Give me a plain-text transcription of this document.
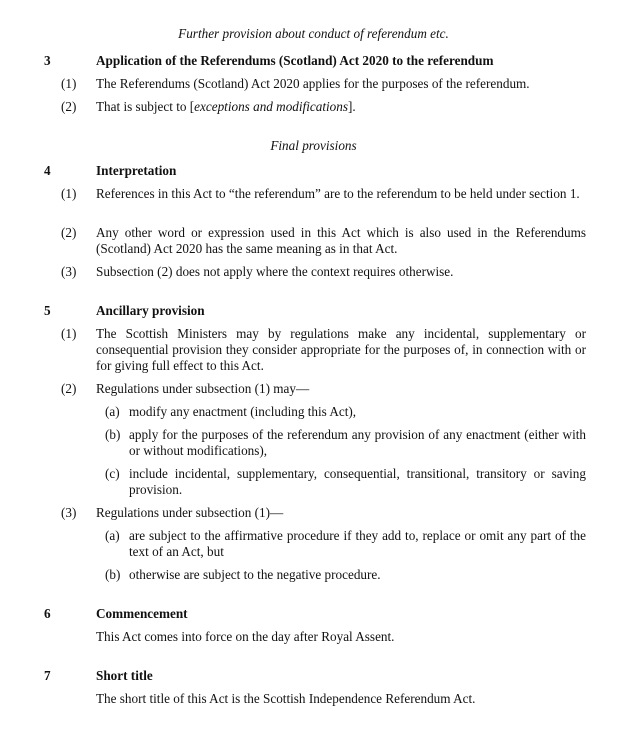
Further provision about conduct of referendum etc.
3	Application of the Referendums (Scotland) Act 2020 to the referendum
(1) The Referendums (Scotland) Act 2020 applies for the purposes of the referendum.
(2) That is subject to [exceptions and modifications].
Final provisions
4	Interpretation
(1) References in this Act to “the referendum” are to the referendum to be held under section 1.
(2) Any other word or expression used in this Act which is also used in the Referendums (Scotland) Act 2020 has the same meaning as in that Act.
(3) Subsection (2) does not apply where the context requires otherwise.
5	Ancillary provision
(1) The Scottish Ministers may by regulations make any incidental, supplementary or consequential provision they consider appropriate for the purposes of, in connection with or for giving full effect to this Act.
(2) Regulations under subsection (1) may—
(a) modify any enactment (including this Act),
(b) apply for the purposes of the referendum any provision of any enactment (either with or without modifications),
(c) include incidental, supplementary, consequential, transitional, transitory or saving provision.
(3) Regulations under subsection (1)—
(a) are subject to the affirmative procedure if they add to, replace or omit any part of the text of an Act, but
(b) otherwise are subject to the negative procedure.
6	Commencement
This Act comes into force on the day after Royal Assent.
7	Short title
The short title of this Act is the Scottish Independence Referendum Act.
